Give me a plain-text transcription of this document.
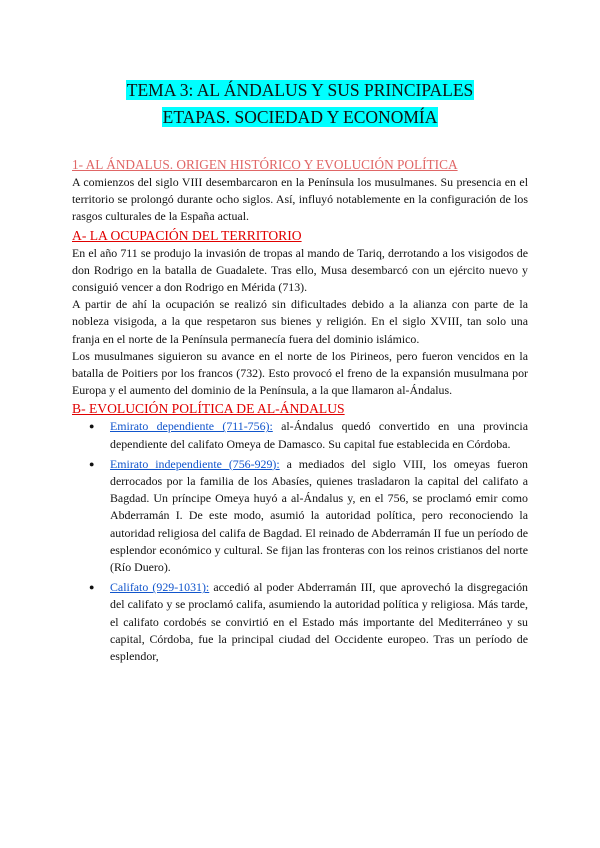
TEMA 3: AL ÁNDALUS Y SUS PRINCIPALES
ETAPAS. SOCIEDAD Y ECONOMÍA
1- AL ÁNDALUS. ORIGEN HISTÓRICO Y EVOLUCIÓN POLÍTICA

A comienzos del siglo VIII desembarcaron en la Península los musulmanes. Su presencia en el territorio se prolongó durante ocho siglos. Así, influyó notablemente en la configuración de los rasgos culturales de la España actual.

A- LA OCUPACIÓN DEL TERRITORIO

En el año 711 se produjo la invasión de tropas al mando de Tariq, derrotando a los visigodos de don Rodrigo en la batalla de Guadalete. Tras ello, Musa desembarcó con un ejército nuevo y consiguió vencer a don Rodrigo en Mérida (713).

A partir de ahí la ocupación se realizó sin dificultades debido a la alianza con parte de la nobleza visigoda, a la que respetaron sus bienes y religión. En el siglo XVIII, tan solo una franja en el norte de la Península permanecía fuera del dominio islámico.

Los musulmanes siguieron su avance en el norte de los Pirineos, pero fueron vencidos en la batalla de Poitiers por los francos (732). Esto provocó el freno de la expansión musulmana por Europa y el aumento del dominio de la Península, a la que llamaron al-Ándalus.

B- EVOLUCIÓN POLÍTICA DE AL-ÁNDALUS
● Emirato dependiente (711-756): al-Ándalus quedó convertido en una provincia dependiente del califato Omeya de Damasco. Su capital fue establecida en Córdoba.
● Emirato independiente (756-929): a mediados del siglo VIII, los omeyas fueron derrocados por la familia de los Abasíes, quienes trasladaron la capital del califato a Bagdad. Un príncipe Omeya huyó a al-Ándalus y, en el 756, se proclamó emir como Abderramán I. De este modo, asumió la autoridad política, pero reconociendo la autoridad religiosa del califa de Bagdad. El reinado de Abderramán II fue un período de esplendor económico y cultural. Se fijan las fronteras con los reinos cristianos del norte (Río Duero).
● Califato (929-1031): accedió al poder Abderramán III, que aprovechó la disgregación del califato y se proclamó califa, asumiendo la autoridad política y religiosa. Más tarde, el califato cordobés se convirtió en el Estado más importante del Mediterráneo y su capital, Córdoba, fue la principal ciudad del Occidente europeo. Tras un período de esplendor,
